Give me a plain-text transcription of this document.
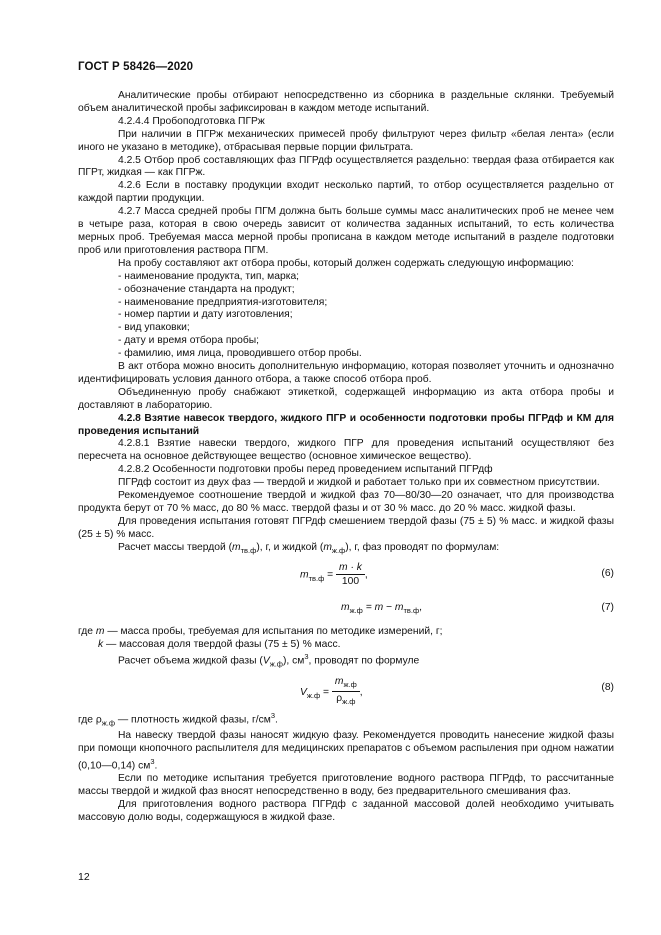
ГОСТ Р 58426—2020

Аналитические пробы отбирают непосредственно из сборника в раздельные склянки. Требуемый объем аналитической пробы зафиксирован в каждом методе испытаний.

4.2.4.4 Пробоподготовка ПГРж

При наличии в ПГРж механических примесей пробу фильтруют через фильтр «белая лента» (если иного не указано в методике), отбрасывая первые порции фильтрата.

4.2.5 Отбор проб составляющих фаз ПГРдф осуществляется раздельно: твердая фаза отбирается как ПГРт, жидкая — как ПГРж.

4.2.6 Если в поставку продукции входит несколько партий, то отбор осуществляется раздельно от каждой партии продукции.

4.2.7 Масса средней пробы ПГМ должна быть больше суммы масс аналитических проб не менее чем в четыре раза, которая в свою очередь зависит от количества заданных испытаний, то есть количества мерных проб. Требуемая масса мерной пробы прописана в каждом методе испытаний в разделе подготовки проб или приготовления раствора ПГМ.

На пробу составляют акт отбора пробы, который должен содержать следующую информацию:

- наименование продукта, тип, марка;

- обозначение стандарта на продукт;

- наименование предприятия-изготовителя;

- номер партии и дату изготовления;

- вид упаковки;

- дату и время отбора пробы;

- фамилию, имя лица, проводившего отбор пробы.

В акт отбора можно вносить дополнительную информацию, которая позволяет уточнить и однозначно идентифицировать условия данного отбора, а также способ отбора проб.

Объединенную пробу снабжают этикеткой, содержащей информацию из акта отбора пробы и доставляют в лабораторию.

4.2.8 Взятие навесок твердого, жидкого ПГР и особенности подготовки пробы ПГРдф и КМ для проведения испытаний

4.2.8.1 Взятие навески твердого, жидкого ПГР для проведения испытаний осуществляют без пересчета на основное действующее вещество (основное химическое вещество).

4.2.8.2 Особенности подготовки пробы перед проведением испытаний ПГРдф

ПГРдф состоит из двух фаз — твердой и жидкой и работает только при их совместном присутствии.

Рекомендуемое соотношение твердой и жидкой фаз 70—80/30—20 означает, что для производства продукта берут от 70 % масс, до 80 % масс. твердой фазы и от 30 % масс. до 20 % масс. жидкой фазы.

Для проведения испытания готовят ПГРдф смешением твердой фазы (75 ± 5) % масс. и жидкой фазы (25 ± 5) % масс.

Расчет массы твердой $(m_{тв.ф})$, г, и жидкой $(m_{ж.ф})$, г, фаз проводят по формулам:

$m_{тв.ф} = \frac{m \cdot k}{100}$ ,	(6)
$m_{ж.ф} = m - m_{тв.ф}$,	(7)

где m — масса пробы, требуемая для испытания по методике измерений, г;

k — массовая доля твердой фазы (75 ± 5) % масс.

Расчет объема жидкой фазы $(V_{ж.ф})$, $см^3$, проводят по формуле

$V_{ж.ф} = \frac{m_{ж.ф}}{\rho_{ж.ф}}$ ,	(8)

где $\rho_{ж.ф}$ — плотность жидкой фазы, $г/см^3$.

На навеску твердой фазы наносят жидкую фазу. Рекомендуется проводить нанесение жидкой фазы при помощи кнопочного распылителя для медицинских препаратов с объемом распыления при одном нажатии (0,10—0,14) $см^3$.

Если по методике испытания требуется приготовление водного раствора ПГРдф, то рассчитанные массы твердой и жидкой фаз вносят непосредственно в воду, без предварительного смешивания фаз.

Для приготовления водного раствора ПГРдф с заданной массовой долей необходимо учитывать массовую долю воды, содержащуюся в жидкой фазе.

12
